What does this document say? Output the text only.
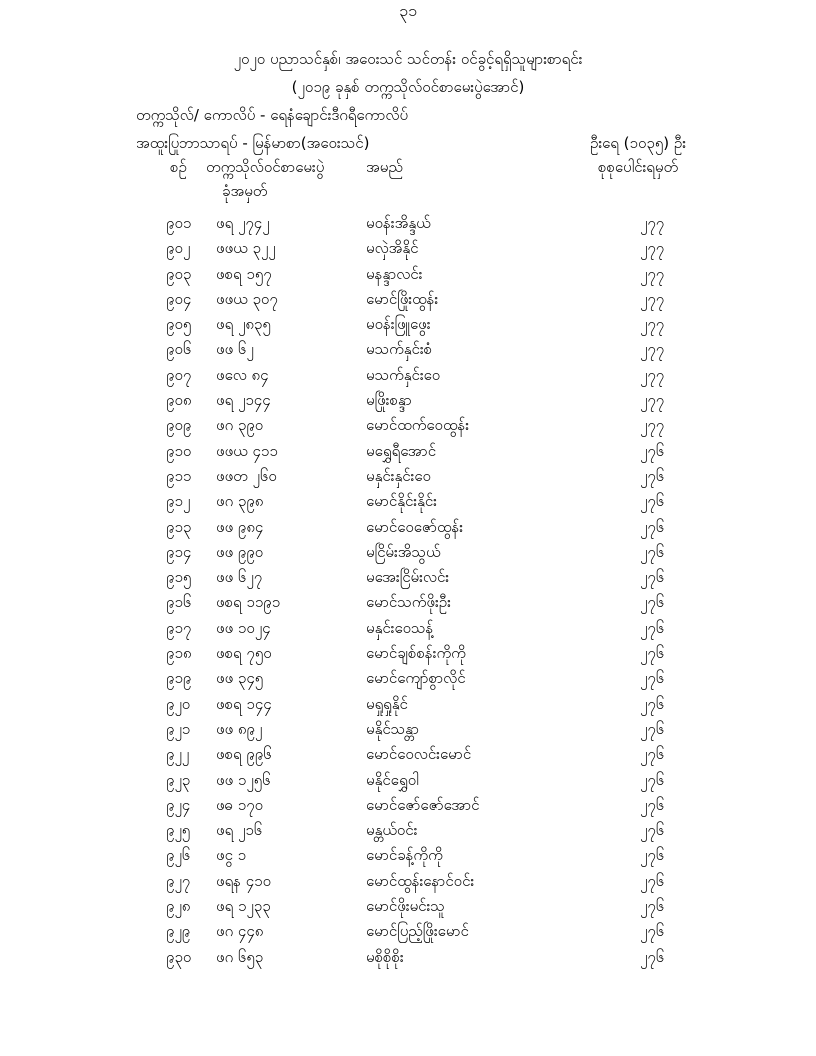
၃၁
၂၀၂၀ ပညာသင်နှစ်၊ အဝေးသင် သင်တန်း ဝင်ခွင့်ရရှိသူများစာရင်း
(၂၀၁၉ ခုနှစ် တက္ကသိုလ်ဝင်စာမေးပွဲအောင်)
တက္ကသိုလ်/ ကောလိပ် - ရေနံချောင်းဒီဂရီကောလိပ်
အထူးပြုဘာသာရပ် - မြန်မာစာ(အဝေးသင်)	ဦးရေ (၁၀၃၅) ဦး
စဉ် တက္ကသိုလ်ဝင်စာမေးပွဲ
ခုံအမှတ်
အမည်	စုစုပေါင်းရမှတ်
၉၀၁ ဖရ ၂၇၄၂	မဝန်းအိန္ဒယ်	၂၇၇
၉၀၂ ဖဖယ ၃၂၂	မလှဲအိနိုင်	၂၇၇
၉၀၃ ဖစရ ၁၅၇	မနန္ဒာလင်း	၂၇၇
၉၀၄ ဖဖယ ၃၀၇	မောင်ဖြိုးထွန်း	၂၇၇
၉၀၅ ဖရ ၂၈၃၅	မဝန်းဖြူဖွေး	၂၇၇
၉၀၆ ဖဖ ၆၂	မသက်နှင်းစံ	၂၇၇
၉၀၇ ဖလေ ၈၄	မသက်နှင်းဝေ	၂၇၇
၉၀၈ ဖရ ၂၁၄၄	မဖြိုးစန္ဒာ	၂၇၇
၉၀၉ ဖဂ ၃၉၀	မောင်ထက်ဝေထွန်း	၂၇၇
၉၁၀ ဖဖယ ၄၁၁	မရွှေရီအောင်	၂၇၆
၉၁၁ ဖဖတ ၂၆၀	မနှင်းနှင်းဝေ	၂၇၆
၉၁၂ ဖဂ ၃၉၈	မောင်နိုင်းနိုင်း	၂၇၆
၉၁၃ ဖဖ ၉၈၄	မောင်ဝေဇော်ထွန်း	၂၇၆
၉၁၄ ဖဖ ၉၉၀	မငြိမ်းအိသွယ်	၂၇၆
၉၁၅ ဖဖ ၆၂၇	မအေးငြိမ်းလင်း	၂၇၆
၉၁၆ ဖစရ ၁၁၉၁	မောင်သက်ဖိုးဦး	၂၇၆
၉၁၇ ဖဖ ၁၀၂၄	မနှင်းဝေသန့်	၂၇၆
၉၁၈ ဖစရ ၇၅၀	မောင်ချစ်စန်းကိုကို	၂၇၆
၉၁၉ ဖဖ ၃၄၅	မောင်ကျော်စွာလိုင်	၂၇၆
၉၂၀ ဖစရ ၁၄၄	မရှုရှုနိုင်	၂၇၆
၉၂၁ ဖဖ ၈၉၂	မနိုင်သန္တာ	၂၇၆
၉၂၂ ဖစရ ၉၉၆	မောင်ဝေလင်းမောင်	၂၇၆
၉၂၃ ဖဖ ၁၂၅၆	မနိုင်ရွှေဝါ	၂၇၆
၉၂၄ ဖဓ ၁၇၀	မောင်ဇော်ဇော်အောင်	၂၇၆
၉၂၅ ဖရ ၂၁၆	မန္တယ်ဝင်း	၂၇၆
၉၂၆ ဖငွ ၁	မောင်ခန့်ကိုကို	၂၇၆
၉၂၇ ဖရန ၄၁၀	မောင်ထွန်းနောင်ဝင်း	၂၇၆
၉၂၈ ဖရ ၁၂၃၃	မောင်ဖိုးမင်းသူ	၂၇၆
၉၂၉ ဖဂ ၄၄၈	မောင်ပြည့်ဖြိုးမောင်	၂၇၆
၉၃၀ ဖဂ ၆၅၃	မစိုစိုစိုး	၂၇၆
